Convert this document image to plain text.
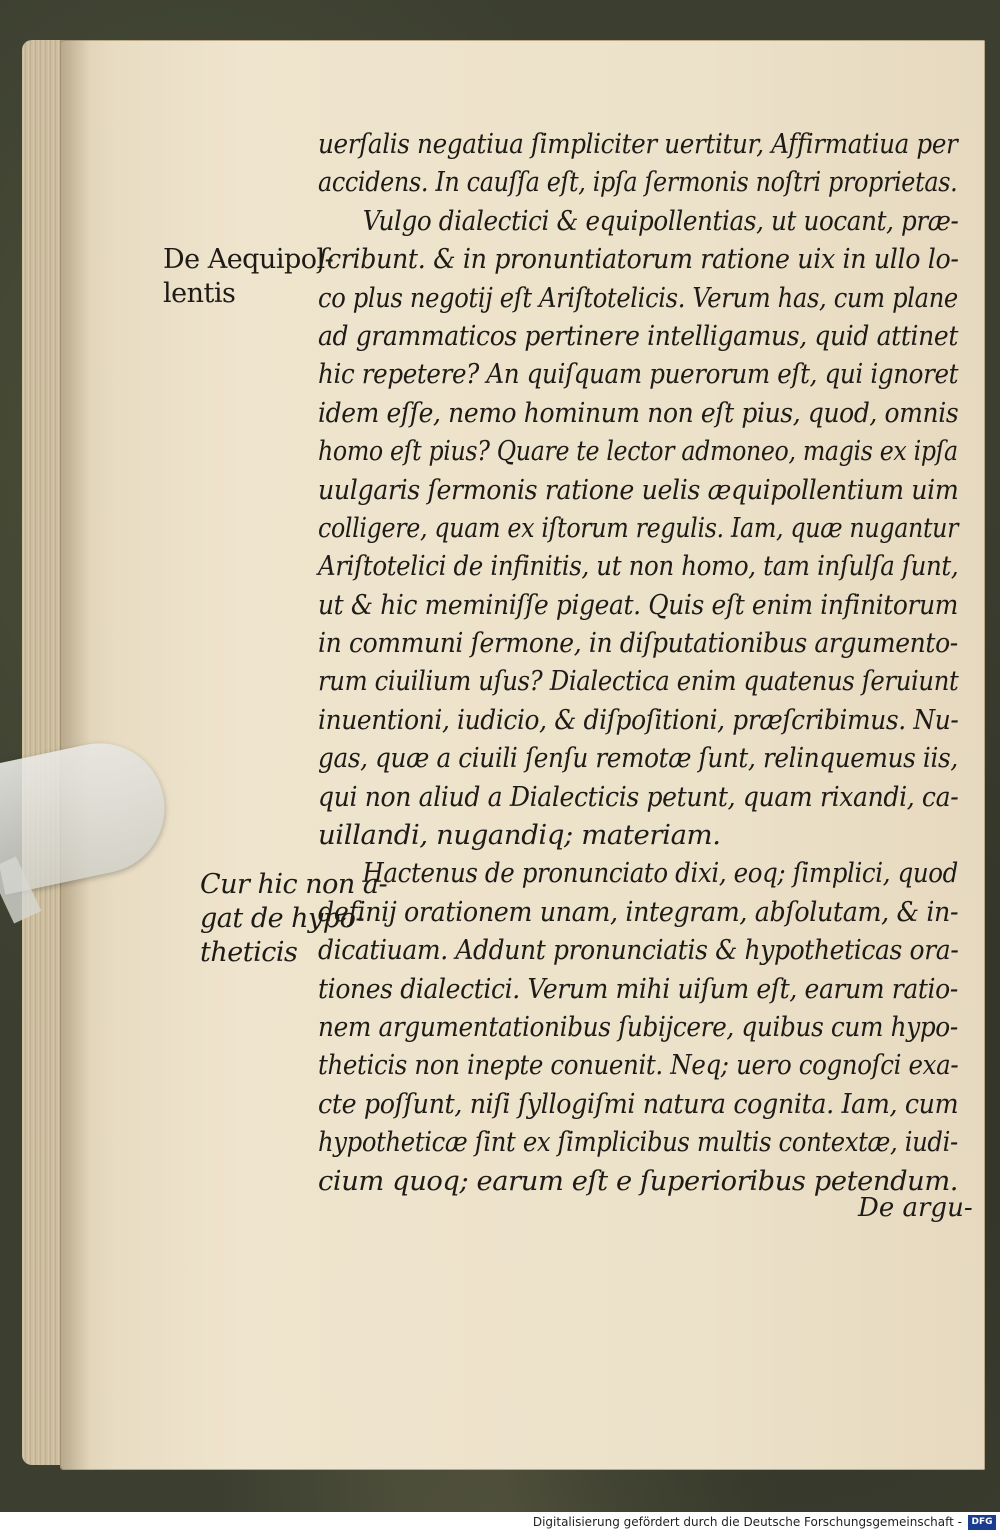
De Aequipol-
lentis
Cur hic non a-
gat de hypo-
theticis
uerſalis negatiua ſimpliciter uertitur, Affirmatiua per
accidens. In cauſſa eſt, ipſa ſermonis noſtri proprietas.
Vulgo dialectici & equipollentias, ut uocant, præ-
ſcribunt. & in pronuntiatorum ratione uix in ullo lo-
co plus negotij eſt Ariſtotelicis. Verum has, cum plane
ad grammaticos pertinere intelligamus, quid attinet
hic repetere? An quiſquam puerorum eſt, qui ignoret
idem eſſe, nemo hominum non eſt pius, quod, omnis
homo eſt pius? Quare te lector admoneo, magis ex ipſa
uulgaris ſermonis ratione uelis æquipollentium uim
colligere, quam ex iſtorum regulis. Iam, quæ nugantur
Ariſtotelici de infinitis, ut non homo, tam inſulſa ſunt,
ut & hic meminiſſe pigeat. Quis eſt enim infinitorum
in communi ſermone, in diſputationibus argumento-
rum ciuilium uſus? Dialectica enim quatenus ſeruiunt
inuentioni, iudicio, & diſpoſitioni, præſcribimus. Nu-
gas, quæ a ciuili ſenſu remotæ ſunt, relinquemus iis,
qui non aliud a Dialecticis petunt, quam rixandi, ca-
uillandi, nugandiq; materiam.
Hactenus de pronunciato dixi, eoq; ſimplici, quod
definij orationem unam, integram, abſolutam, & in-
dicatiuam. Addunt pronunciatis & hypotheticas ora-
tiones dialectici. Verum mihi uiſum eſt, earum ratio-
nem argumentationibus ſubijcere, quibus cum hypo-
theticis non inepte conuenit. Neq; uero cognoſci exa-
cte poſſunt, niſi ſyllogiſmi natura cognita. Iam, cum
hypotheticæ ſint ex ſimplicibus multis contextæ, iudi-
cium quoq; earum eſt e ſuperioribus petendum.
De argu-
Digitalisierung gefördert durch die Deutsche Forschungsgemeinschaft -	DFG
